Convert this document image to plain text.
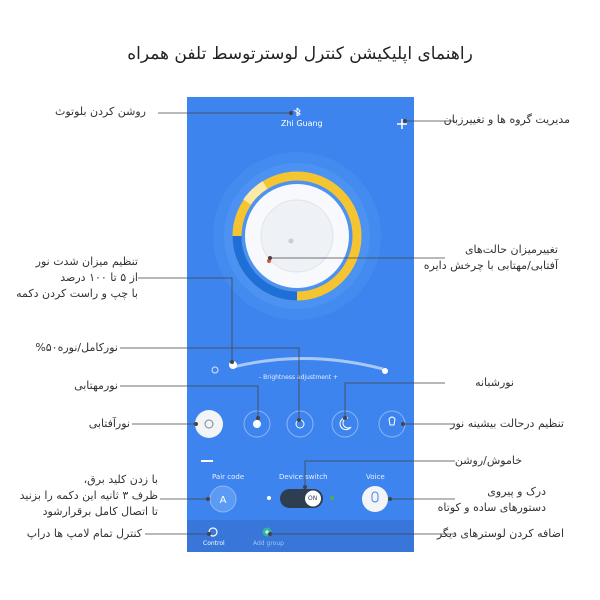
راهنمای اپلیکیشن کنترل لوسترتوسط تلفن همراه
A
Zhi Guang
- Brightness adjustment +
Pair code	Device switch
ON
Voice
Control	Add group
روشن کردن بلوتوث
تنظیم میزان شدت نور
از ۵ تا ۱۰۰ درصد
با چپ و راست کردن دکمه
نورکامل/نوره۵۰%
نورمهتابی
نورآفتابی
با زدن کلید برق،
ظرف ۳ ثانیه این دکمه را بزنید
تا اتصال کامل برقرارشود
کنترل تمام لامپ ها دراپ
مدیریت گروه ها و تغییرزبان
تغییرمیزان حالت‌های
آفتابی/مهتابی با چرخش دایره
نورشبانه
تنظیم درحالت بیشینه نور
خاموش/روشن
درک و پیروی
دستورهای ساده و کوتاه
اضافه کردن لوسترهای دیگر
